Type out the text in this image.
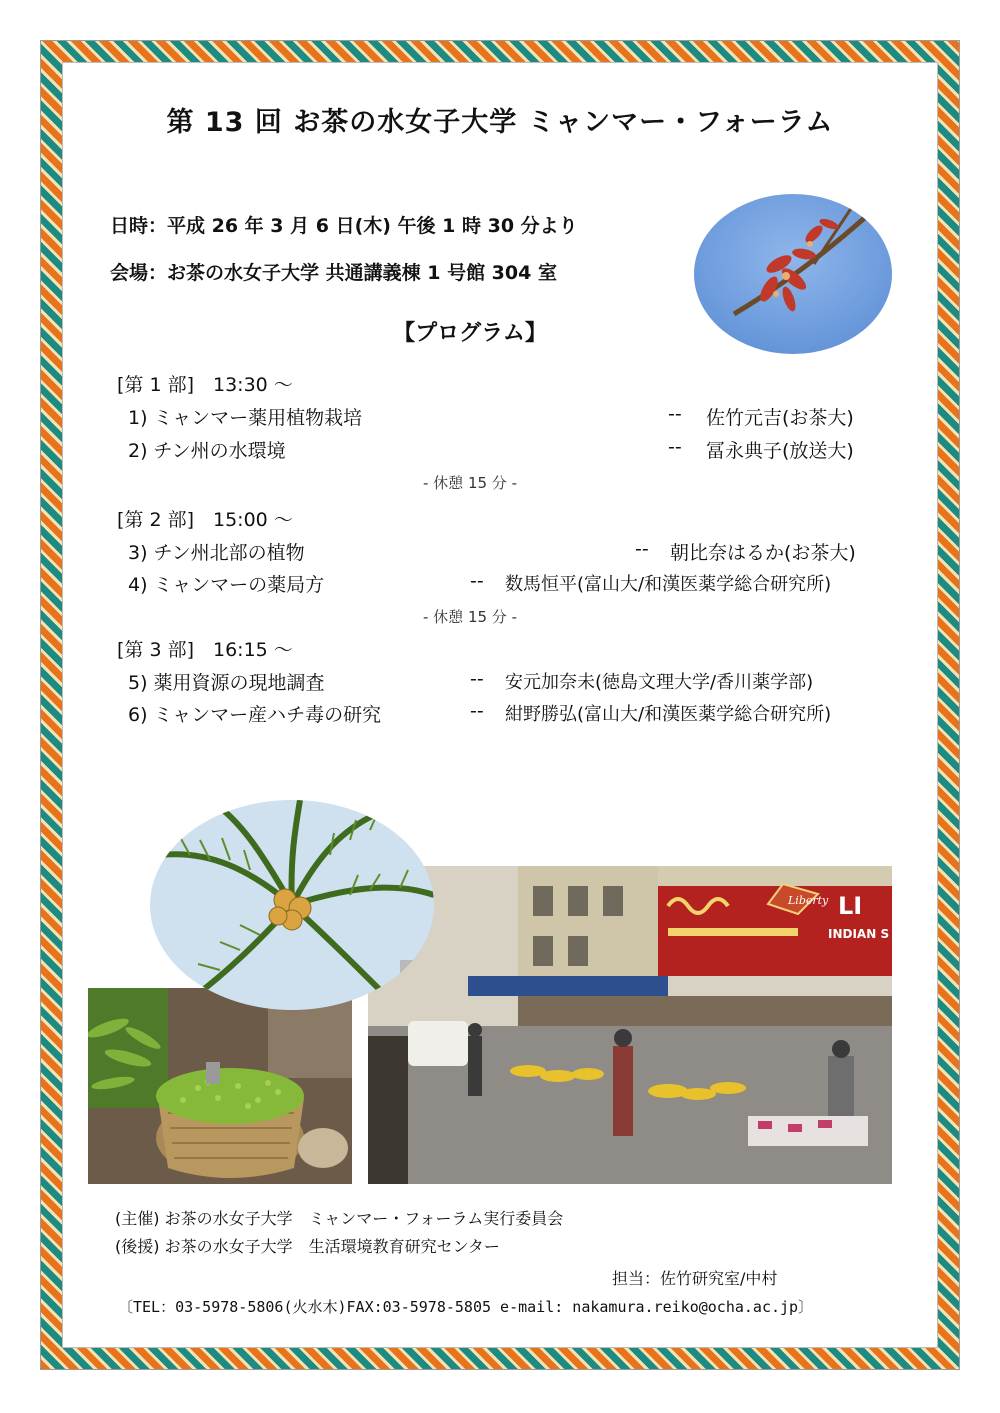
第 13 回 お茶の水女子大学 ミャンマー・フォーラム
日時：平成 26 年 3 月 6 日(木) 午後 1 時 30 分より
会場：お茶の水女子大学 共通講義棟 1 号館 304 室
【プログラム】
[第 1 部]　13:30 ～
1) ミャンマー薬用植物栽培	-- 佐竹元吉(お茶大)
2) チン州の水環境	-- 冨永典子(放送大)
- 休憩 15 分 -
[第 2 部]　15:00 ～
3) チン州北部の植物	-- 朝比奈はるか(お茶大)
4) ミャンマーの薬局方	-- 数馬恒平(富山大/和漢医薬学総合研究所)
- 休憩 15 分 -
[第 3 部]　16:15 ～
5) 薬用資源の現地調査	-- 安元加奈未(徳島文理大学/香川薬学部)
6) ミャンマー産ハチ毒の研究	-- 紺野勝弘(富山大/和漢医薬学総合研究所)
Liberty LI
INDIAN S
(主催) お茶の水女子大学　ミャンマー・フォーラム実行委員会
(後援) お茶の水女子大学　生活環境教育研究センター
担当：佐竹研究室/中村
〔TEL：03-5978-5806(火水木)FAX:03-5978-5805 e-mail: nakamura.reiko@ocha.ac.jp〕
